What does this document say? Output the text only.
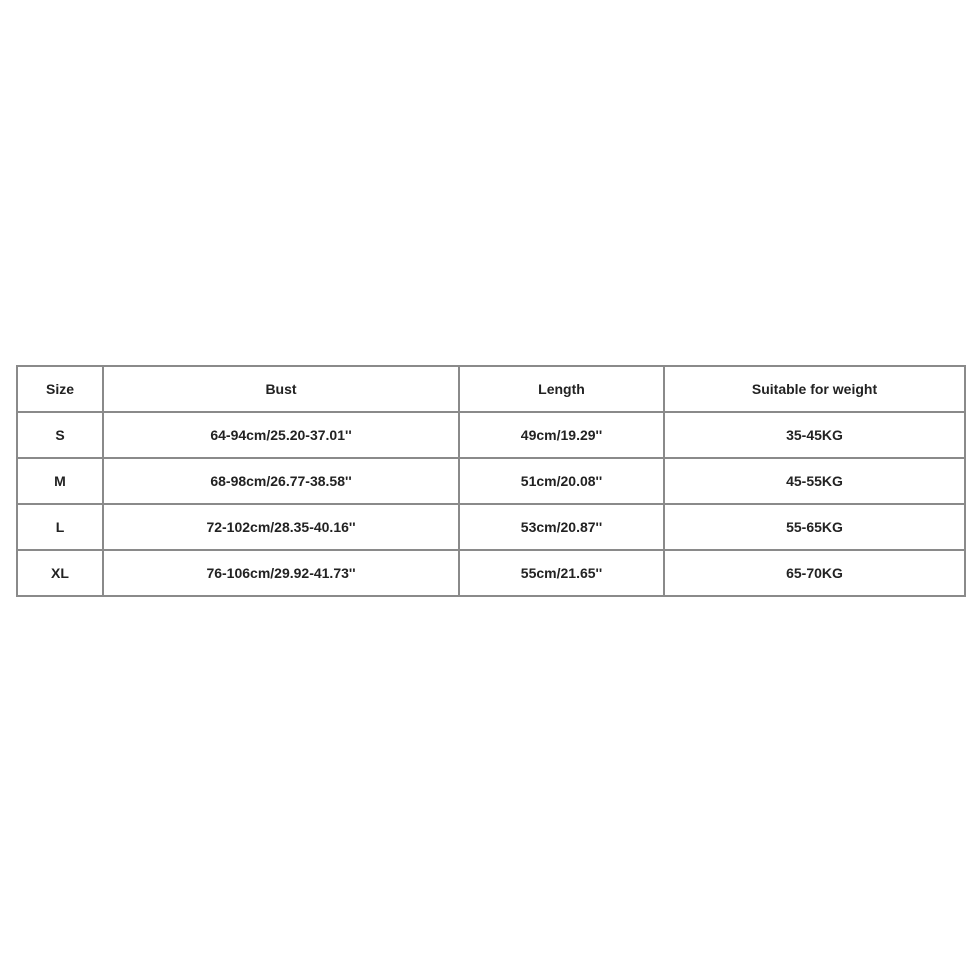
Size	Bust	Length	Suitable for weight
S	64-94cm/25.20-37.01''	49cm/19.29''	35-45KG
M	68-98cm/26.77-38.58''	51cm/20.08''	45-55KG
L	72-102cm/28.35-40.16''	53cm/20.87''	55-65KG
XL	76-106cm/29.92-41.73''	55cm/21.65''	65-70KG
